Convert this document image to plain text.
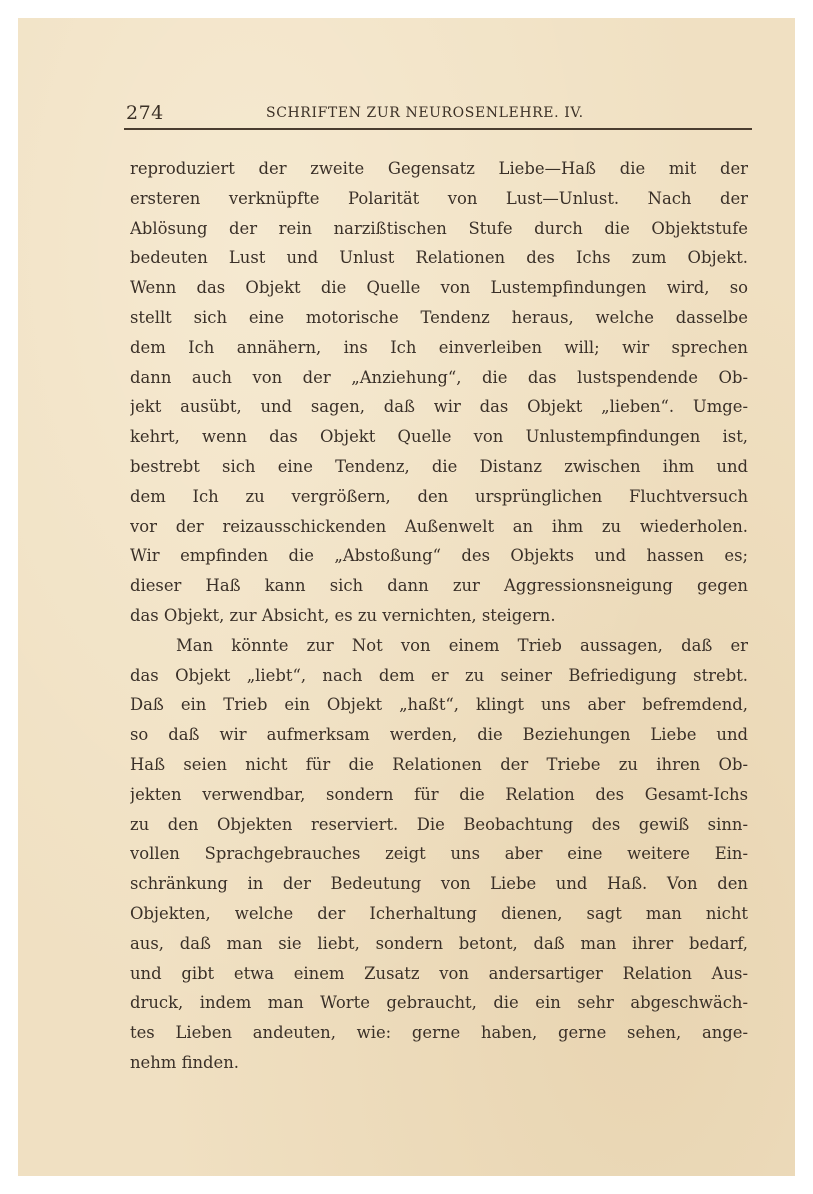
274	SCHRIFTEN ZUR NEUROSENLEHRE. IV.
reproduziert der zweite Gegensatz Liebe—Haß die mit der
ersteren verknüpfte Polarität von Lust—Unlust. Nach der
Ablösung der rein narzißtischen Stufe durch die Objektstufe
bedeuten Lust und Unlust Relationen des Ichs zum Objekt.
Wenn das Objekt die Quelle von Lustempfindungen wird, so
stellt sich eine motorische Tendenz heraus, welche dasselbe
dem Ich annähern, ins Ich einverleiben will; wir sprechen
dann auch von der „Anziehung“, die das lustspendende Ob-
jekt ausübt, und sagen, daß wir das Objekt „lieben“. Umge-
kehrt, wenn das Objekt Quelle von Unlustempfindungen ist,
bestrebt sich eine Tendenz, die Distanz zwischen ihm und
dem Ich zu vergrößern, den ursprünglichen Fluchtversuch
vor der reizausschickenden Außenwelt an ihm zu wiederholen.
Wir empfinden die „Abstoßung“ des Objekts und hassen es;
dieser Haß kann sich dann zur Aggressionsneigung gegen
das Objekt, zur Absicht, es zu vernichten, steigern.
Man könnte zur Not von einem Trieb aussagen, daß er
das Objekt „liebt“, nach dem er zu seiner Befriedigung strebt.
Daß ein Trieb ein Objekt „haßt“, klingt uns aber befremdend,
so daß wir aufmerksam werden, die Beziehungen Liebe und
Haß seien nicht für die Relationen der Triebe zu ihren Ob-
jekten verwendbar, sondern für die Relation des Gesamt-Ichs
zu den Objekten reserviert. Die Beobachtung des gewiß sinn-
vollen Sprachgebrauches zeigt uns aber eine weitere Ein-
schränkung in der Bedeutung von Liebe und Haß. Von den
Objekten, welche der Icherhaltung dienen, sagt man nicht
aus, daß man sie liebt, sondern betont, daß man ihrer bedarf,
und gibt etwa einem Zusatz von andersartiger Relation Aus-
druck, indem man Worte gebraucht, die ein sehr abgeschwäch-
tes Lieben andeuten, wie: gerne haben, gerne sehen, ange-
nehm finden.
